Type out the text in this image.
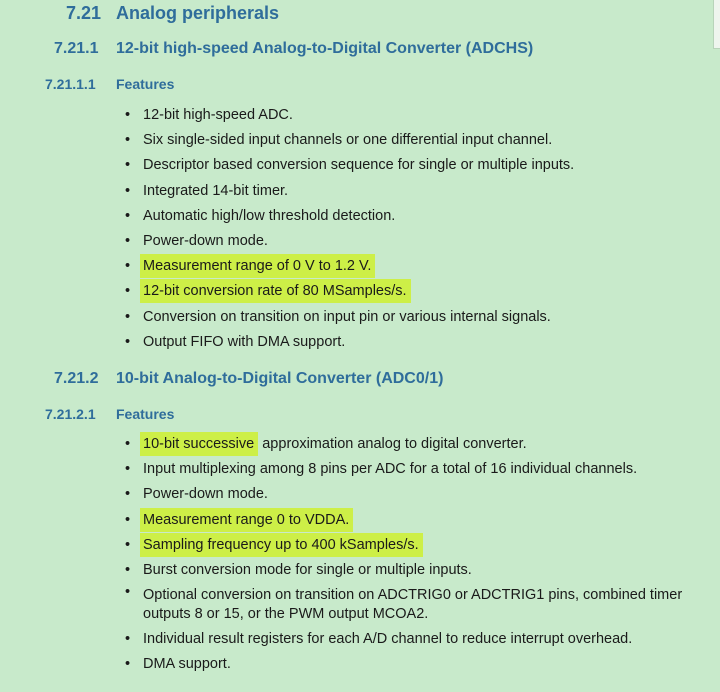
7.21 Analog peripherals
7.21.1 12-bit high-speed Analog-to-Digital Converter (ADCHS)
7.21.1.1 Features
• 12-bit high-speed ADC.
• Six single-sided input channels or one differential input channel.
• Descriptor based conversion sequence for single or multiple inputs.
• Integrated 14-bit timer.
• Automatic high/low threshold detection.
• Power-down mode.
• Measurement range of 0 V to 1.2 V.
• 12-bit conversion rate of 80 MSamples/s.
• Conversion on transition on input pin or various internal signals.
• Output FIFO with DMA support.
7.21.2 10-bit Analog-to-Digital Converter (ADC0/1)
7.21.2.1 Features
• 10-bit successive approximation analog to digital converter.
• Input multiplexing among 8 pins per ADC for a total of 16 individual channels.
• Power-down mode.
• Measurement range 0 to VDDA.
• Sampling frequency up to 400 kSamples/s.
• Burst conversion mode for single or multiple inputs.
• Optional conversion on transition on ADCTRIG0 or ADCTRIG1 pins, combined timer outputs 8 or 15, or the PWM output MCOA2.
• Individual result registers for each A/D channel to reduce interrupt overhead.
• DMA support.
